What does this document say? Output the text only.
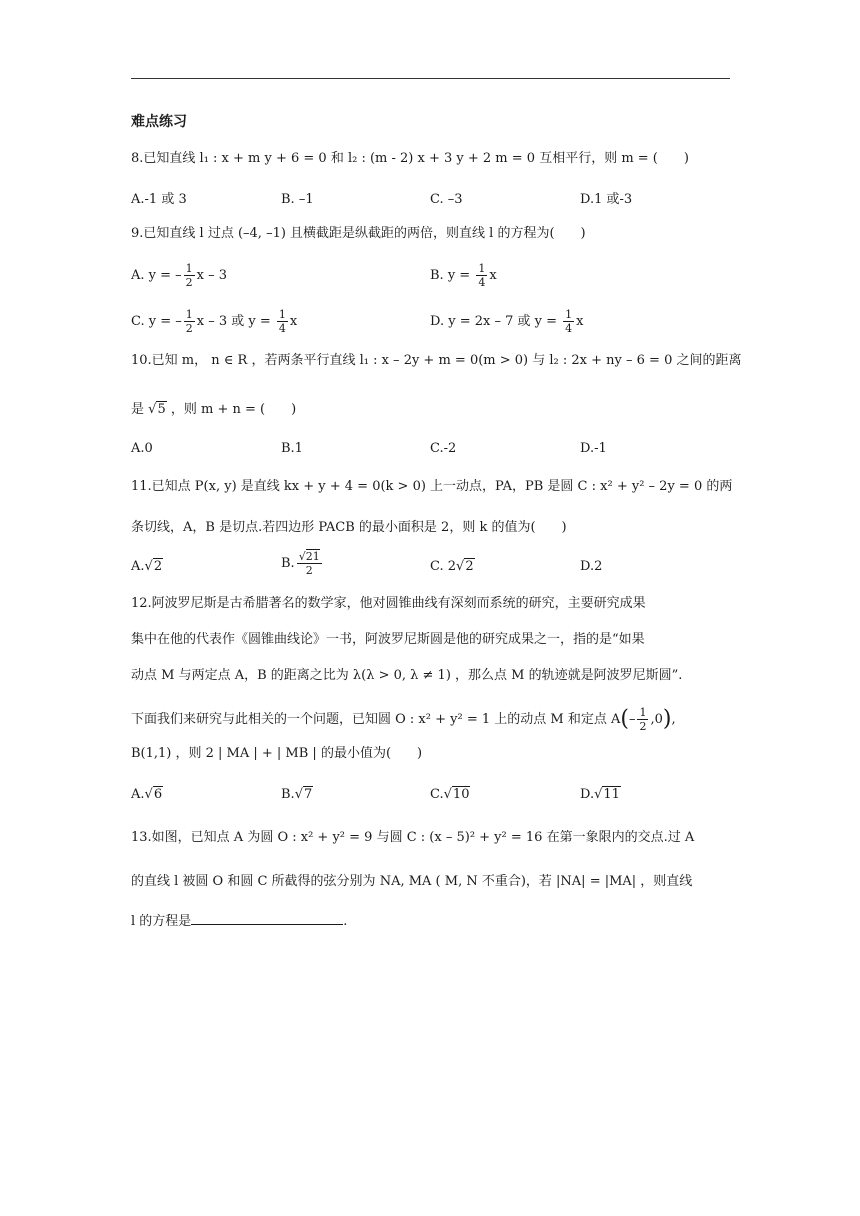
难点练习
8.已知直线 l₁ : x + m y + 6 = 0 和 l₂ : (m - 2) x + 3 y + 2 m = 0 互相平行，则 m = (　　)
A.-1 或 3	B. –1	C. –3	D.1 或-3
9.已知直线 l 过点 (–4, –1) 且横截距是纵截距的两倍，则直线 l 的方程为(　　)
A. y = – $\frac{1}{2}$ x – 3	B. $y = \frac{1}{4}$ x
C. y = – $\frac{1}{2}$ x – 3 或 $y = \frac{1}{4}$ x	D. y = 2x – 7 或 $y = \frac{1}{4}$ x
10.已知 m， n ∈ R ，若两条平行直线 l₁ : x – 2y + m = 0(m > 0) 与 l₂ : 2x + ny – 6 = 0 之间的距离
是 √5 ，则 m + n = (　　)
A.0	B.1	C.-2	D.-1
11.已知点 P(x, y) 是直线 kx + y + 4 = 0(k > 0) 上一动点，PA，PB 是圆 C : x² + y² – 2y = 0 的两
条切线，A，B 是切点.若四边形 PACB 的最小面积是 2，则 k 的值为(　　)
A.√2	B. $\frac{√21}{2}$	C. 2√2	D.2
12.阿波罗尼斯是古希腊著名的数学家，他对圆锥曲线有深刻而系统的研究，主要研究成果
集中在他的代表作《圆锥曲线论》一书，阿波罗尼斯圆是他的研究成果之一，指的是“如果
动点 M 与两定点 A，B 的距离之比为 λ(λ > 0, λ ≠ 1) ，那么点 M 的轨迹就是阿波罗尼斯圆”.
下面我们来研究与此相关的一个问题，已知圆 O : x² + y² = 1 上的动点 M 和定点 $A(- \frac{1}{2} ,0)$,
B(1,1) ，则 2 | MA | + | MB | 的最小值为(　　)
A.√6	B.√7	C.√10	D.√11
13.如图，已知点 A 为圆 O : x² + y² = 9 与圆 C : (x – 5)² + y² = 16 在第一象限内的交点.过 A
的直线 l 被圆 O 和圆 C 所截得的弦分别为 NA, MA ( M, N 不重合)，若 |NA| = |MA| ，则直线
l 的方程是	.
